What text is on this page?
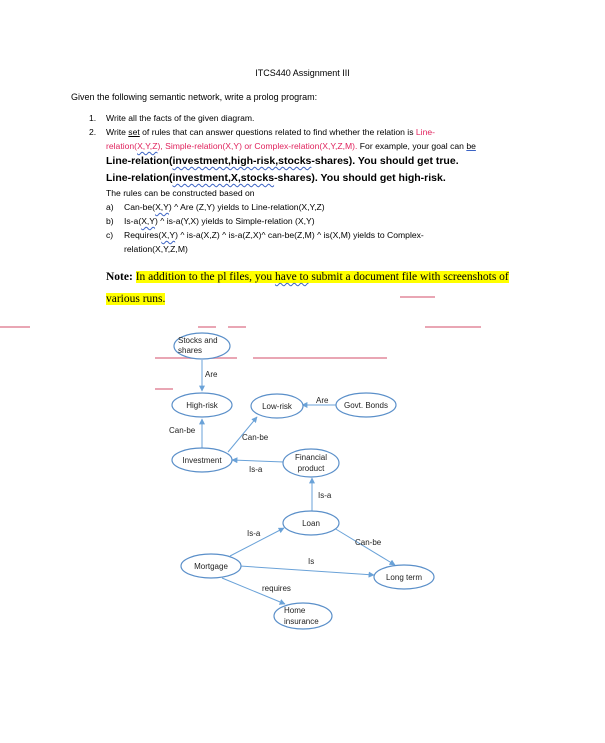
ITCS440 Assignment III
Given the following semantic network, write a prolog program:
1. Write all the facts of the given diagram.
2. Write set of rules that can answer questions related to find whether the relation is Line-
relation(X,Y,Z), Simple-relation(X,Y) or Complex-relation(X,Y,Z,M). For example, your goal can be
Line-relation(investment,high-risk,stocks-shares). You should get true.
Line-relation(investment,X,stocks-shares). You should get high-risk.
The rules can be constructed based on
a) Can-be(X,Y) ^ Are (Z,Y) yields to Line-relation(X,Y,Z)
b) Is-a(X,Y) ^ is-a(Y,X) yields to Simple-relation (X,Y)
c) Requires(X,Y) ^ is-a(X,Z) ^ is-a(Z,X)^ can-be(Z,M) ^ is(X,M) yields to Complex-
relation(X,Y,Z,M)
Note: In addition to the pl files, you have to submit a document file with screenshots of
various runs.
Are
Are
Can-be
Can-be
Is-a
Is-a
Is-a
Is
Can-be
requires
Stocks and
shares
High-risk	Low-risk	Govt. Bonds
Investment	Financial
product
Loan
Mortgage
Long term
Home
insurance
